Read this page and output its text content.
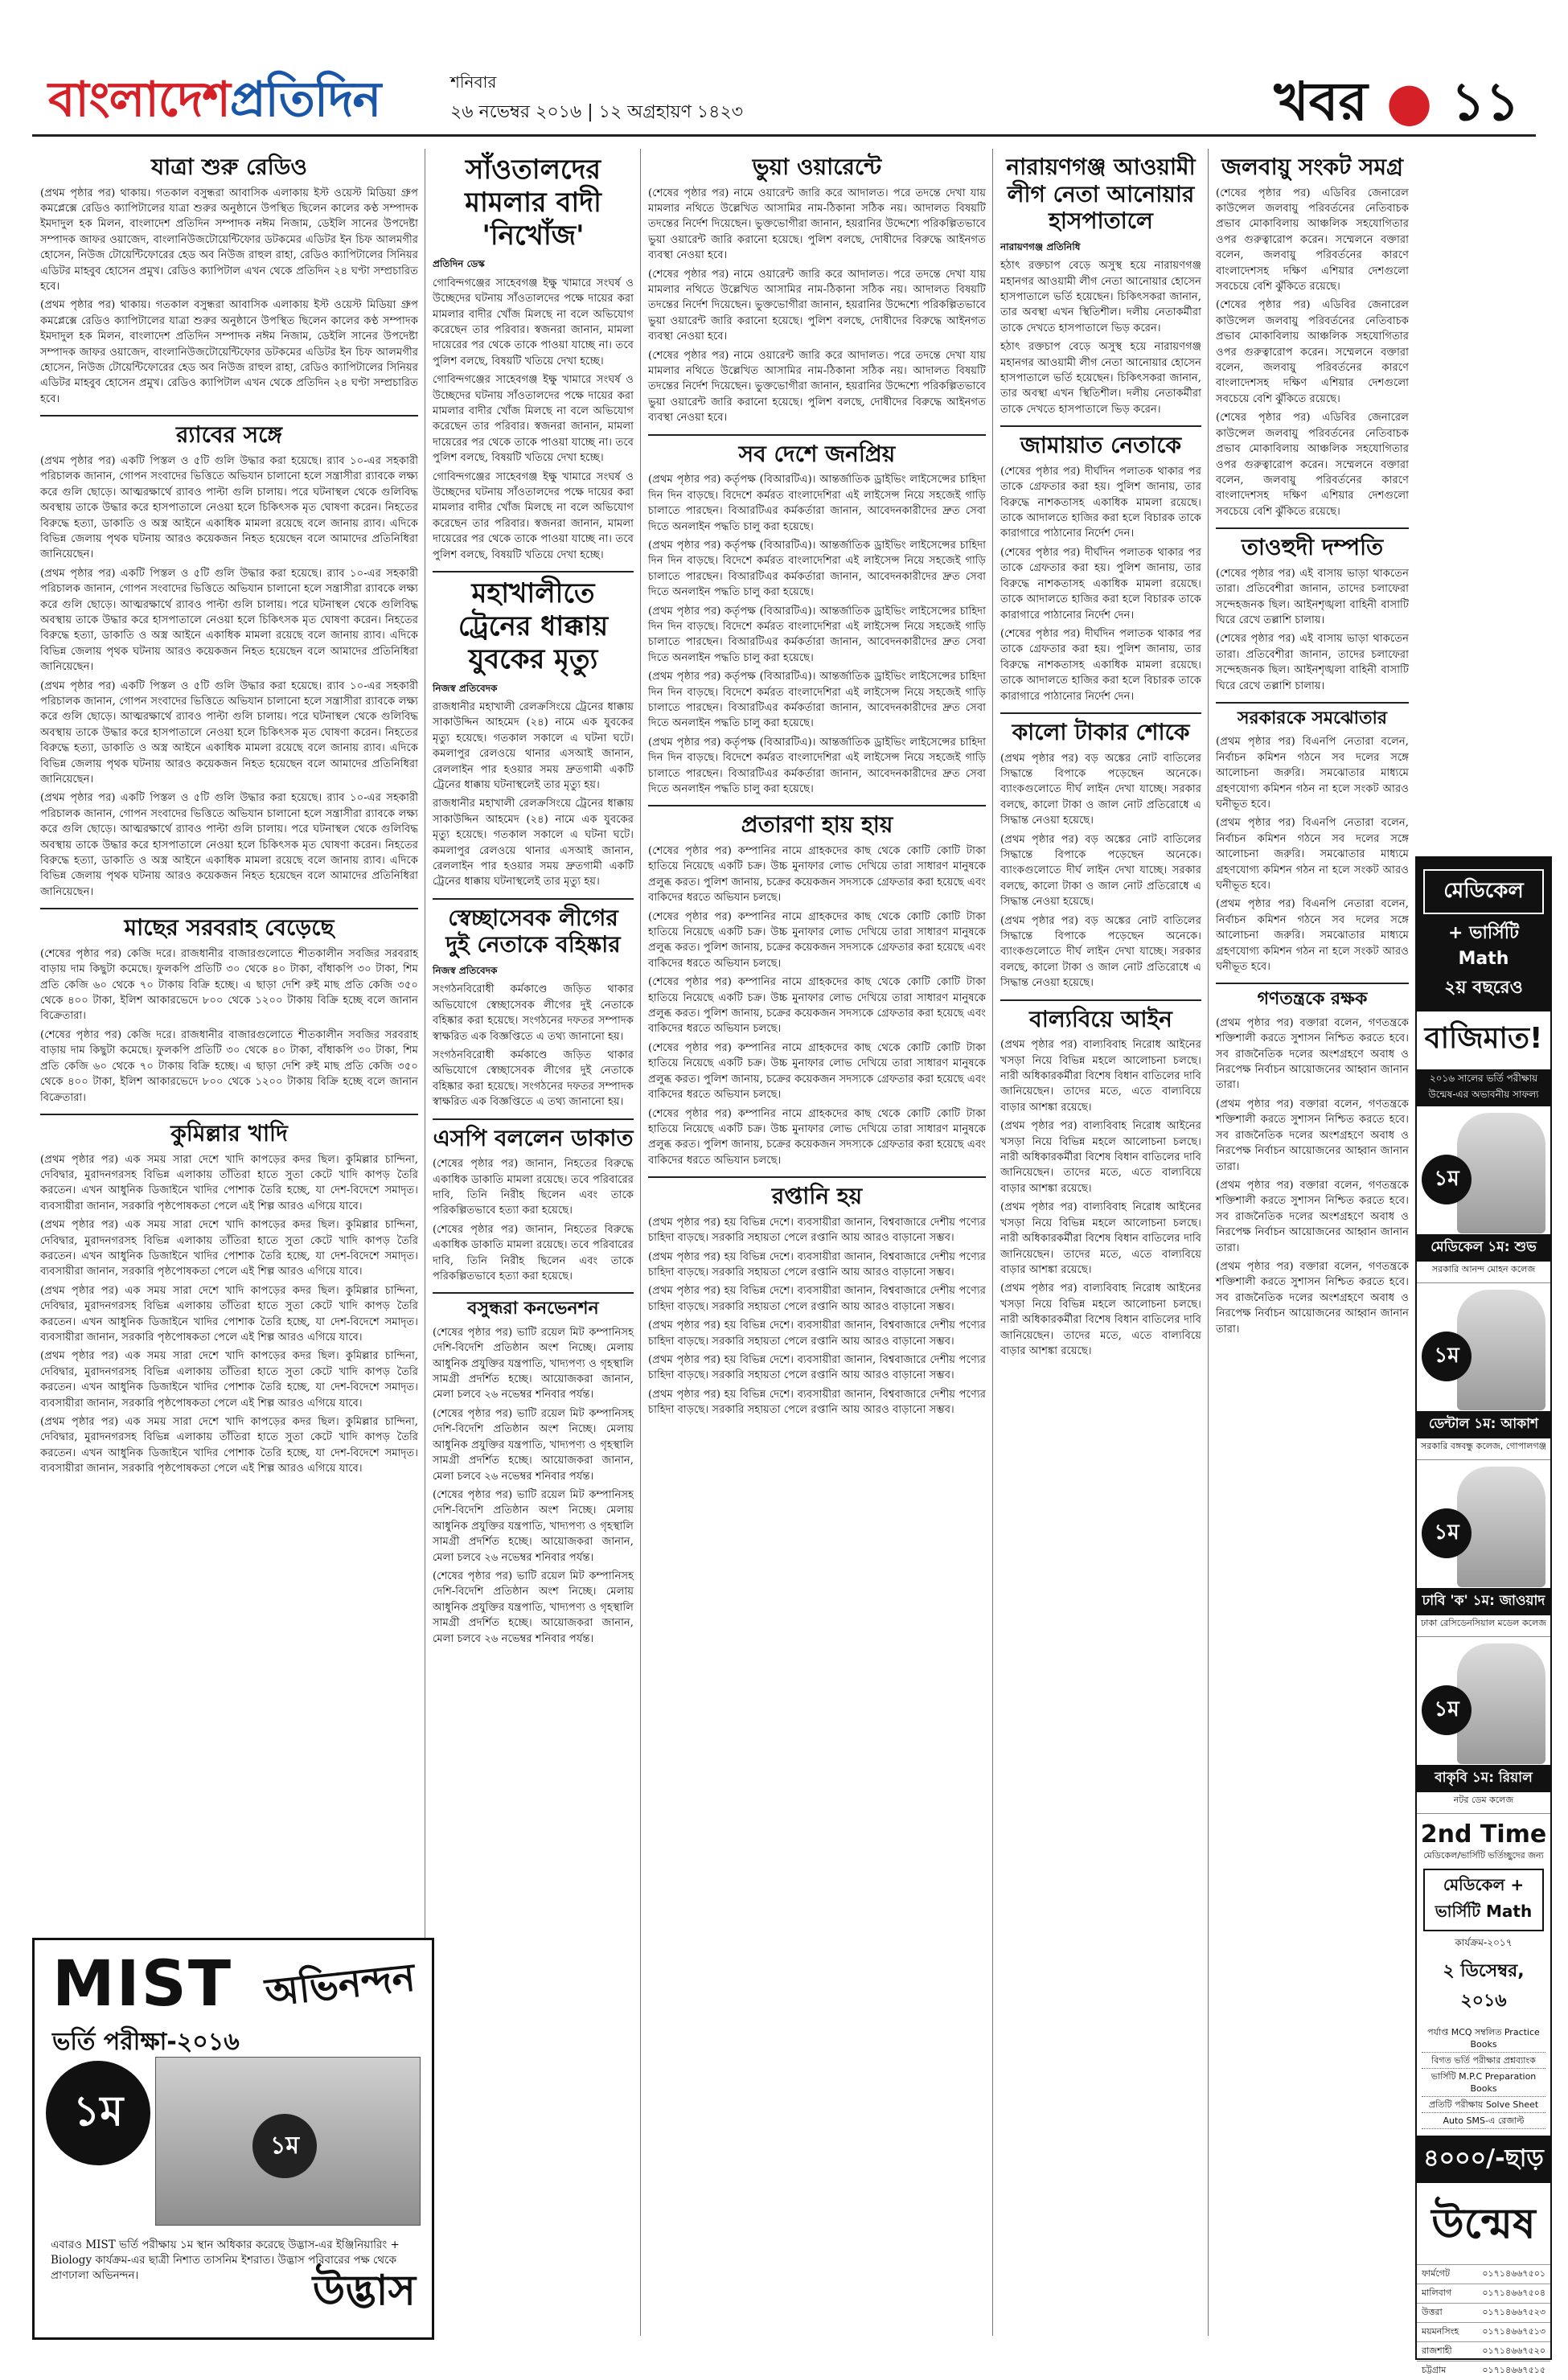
বাংলাদেশপ্রতিদিন	শনিবার
২৬ নভেম্বর ২০১৬ | ১২ অগ্রহায়ণ ১৪২৩	খবর ● ১১
যাত্রা শুরু রেডিও

(প্রথম পৃষ্ঠার পর) থাকায়। গতকাল বসুন্ধরা আবাসিক এলাকায় ইস্ট ওয়েস্ট মিডিয়া গ্রুপ কমপ্লেক্সে রেডিও ক্যাপিটালের যাত্রা শুরুর অনুষ্ঠানে উপস্থিত ছিলেন কালের কণ্ঠ সম্পাদক ইমদাদুল হক মিলন, বাংলাদেশ প্রতিদিন সম্পাদক নঈম নিজাম, ডেইলি সানের উপদেষ্টা সম্পাদক জাফর ওয়াজেদ, বাংলানিউজটোয়েন্টিফোর ডটকমের এডিটর ইন চিফ আলমগীর হোসেন, নিউজ টোয়েন্টিফোরের হেড অব নিউজ রাহুল রাহা, রেডিও ক্যাপিটালের সিনিয়র এডিটর মাহবুব হোসেন প্রমুখ। রেডিও ক্যাপিটাল এখন থেকে প্রতিদিন ২৪ ঘণ্টা সম্প্রচারিত হবে।

(প্রথম পৃষ্ঠার পর) থাকায়। গতকাল বসুন্ধরা আবাসিক এলাকায় ইস্ট ওয়েস্ট মিডিয়া গ্রুপ কমপ্লেক্সে রেডিও ক্যাপিটালের যাত্রা শুরুর অনুষ্ঠানে উপস্থিত ছিলেন কালের কণ্ঠ সম্পাদক ইমদাদুল হক মিলন, বাংলাদেশ প্রতিদিন সম্পাদক নঈম নিজাম, ডেইলি সানের উপদেষ্টা সম্পাদক জাফর ওয়াজেদ, বাংলানিউজটোয়েন্টিফোর ডটকমের এডিটর ইন চিফ আলমগীর হোসেন, নিউজ টোয়েন্টিফোরের হেড অব নিউজ রাহুল রাহা, রেডিও ক্যাপিটালের সিনিয়র এডিটর মাহবুব হোসেন প্রমুখ। রেডিও ক্যাপিটাল এখন থেকে প্রতিদিন ২৪ ঘণ্টা সম্প্রচারিত হবে।

র‌্যাবের সঙ্গে

(প্রথম পৃষ্ঠার পর) একটি পিস্তল ও ৫টি গুলি উদ্ধার করা হয়েছে। র‌্যাব ১০-এর সহকারী পরিচালক জানান, গোপন সংবাদের ভিত্তিতে অভিযান চালানো হলে সন্ত্রাসীরা র‌্যাবকে লক্ষ্য করে গুলি ছোড়ে। আত্মরক্ষার্থে র‌্যাবও পাল্টা গুলি চালায়। পরে ঘটনাস্থল থেকে গুলিবিদ্ধ অবস্থায় তাকে উদ্ধার করে হাসপাতালে নেওয়া হলে চিকিৎসক মৃত ঘোষণা করেন। নিহতের বিরুদ্ধে হত্যা, ডাকাতি ও অস্ত্র আইনে একাধিক মামলা রয়েছে বলে জানায় র‌্যাব। এদিকে বিভিন্ন জেলায় পৃথক ঘটনায় আরও কয়েকজন নিহত হয়েছেন বলে আমাদের প্রতিনিধিরা জানিয়েছেন।

(প্রথম পৃষ্ঠার পর) একটি পিস্তল ও ৫টি গুলি উদ্ধার করা হয়েছে। র‌্যাব ১০-এর সহকারী পরিচালক জানান, গোপন সংবাদের ভিত্তিতে অভিযান চালানো হলে সন্ত্রাসীরা র‌্যাবকে লক্ষ্য করে গুলি ছোড়ে। আত্মরক্ষার্থে র‌্যাবও পাল্টা গুলি চালায়। পরে ঘটনাস্থল থেকে গুলিবিদ্ধ অবস্থায় তাকে উদ্ধার করে হাসপাতালে নেওয়া হলে চিকিৎসক মৃত ঘোষণা করেন। নিহতের বিরুদ্ধে হত্যা, ডাকাতি ও অস্ত্র আইনে একাধিক মামলা রয়েছে বলে জানায় র‌্যাব। এদিকে বিভিন্ন জেলায় পৃথক ঘটনায় আরও কয়েকজন নিহত হয়েছেন বলে আমাদের প্রতিনিধিরা জানিয়েছেন।

(প্রথম পৃষ্ঠার পর) একটি পিস্তল ও ৫টি গুলি উদ্ধার করা হয়েছে। র‌্যাব ১০-এর সহকারী পরিচালক জানান, গোপন সংবাদের ভিত্তিতে অভিযান চালানো হলে সন্ত্রাসীরা র‌্যাবকে লক্ষ্য করে গুলি ছোড়ে। আত্মরক্ষার্থে র‌্যাবও পাল্টা গুলি চালায়। পরে ঘটনাস্থল থেকে গুলিবিদ্ধ অবস্থায় তাকে উদ্ধার করে হাসপাতালে নেওয়া হলে চিকিৎসক মৃত ঘোষণা করেন। নিহতের বিরুদ্ধে হত্যা, ডাকাতি ও অস্ত্র আইনে একাধিক মামলা রয়েছে বলে জানায় র‌্যাব। এদিকে বিভিন্ন জেলায় পৃথক ঘটনায় আরও কয়েকজন নিহত হয়েছেন বলে আমাদের প্রতিনিধিরা জানিয়েছেন।

(প্রথম পৃষ্ঠার পর) একটি পিস্তল ও ৫টি গুলি উদ্ধার করা হয়েছে। র‌্যাব ১০-এর সহকারী পরিচালক জানান, গোপন সংবাদের ভিত্তিতে অভিযান চালানো হলে সন্ত্রাসীরা র‌্যাবকে লক্ষ্য করে গুলি ছোড়ে। আত্মরক্ষার্থে র‌্যাবও পাল্টা গুলি চালায়। পরে ঘটনাস্থল থেকে গুলিবিদ্ধ অবস্থায় তাকে উদ্ধার করে হাসপাতালে নেওয়া হলে চিকিৎসক মৃত ঘোষণা করেন। নিহতের বিরুদ্ধে হত্যা, ডাকাতি ও অস্ত্র আইনে একাধিক মামলা রয়েছে বলে জানায় র‌্যাব। এদিকে বিভিন্ন জেলায় পৃথক ঘটনায় আরও কয়েকজন নিহত হয়েছেন বলে আমাদের প্রতিনিধিরা জানিয়েছেন।

মাছের সরবরাহ বেড়েছে

(শেষের পৃষ্ঠার পর) কেজি দরে। রাজধানীর বাজারগুলোতে শীতকালীন সবজির সরবরাহ বাড়ায় দাম কিছুটা কমেছে। ফুলকপি প্রতিটি ৩০ থেকে ৪০ টাকা, বাঁধাকপি ৩০ টাকা, শিম প্রতি কেজি ৬০ থেকে ৭০ টাকায় বিক্রি হচ্ছে। এ ছাড়া দেশি রুই মাছ প্রতি কেজি ৩৫০ থেকে ৪০০ টাকা, ইলিশ আকারভেদে ৮০০ থেকে ১২০০ টাকায় বিক্রি হচ্ছে বলে জানান বিক্রেতারা।

(শেষের পৃষ্ঠার পর) কেজি দরে। রাজধানীর বাজারগুলোতে শীতকালীন সবজির সরবরাহ বাড়ায় দাম কিছুটা কমেছে। ফুলকপি প্রতিটি ৩০ থেকে ৪০ টাকা, বাঁধাকপি ৩০ টাকা, শিম প্রতি কেজি ৬০ থেকে ৭০ টাকায় বিক্রি হচ্ছে। এ ছাড়া দেশি রুই মাছ প্রতি কেজি ৩৫০ থেকে ৪০০ টাকা, ইলিশ আকারভেদে ৮০০ থেকে ১২০০ টাকায় বিক্রি হচ্ছে বলে জানান বিক্রেতারা।

কুমিল্লার খাদি

(প্রথম পৃষ্ঠার পর) এক সময় সারা দেশে খাদি কাপড়ের কদর ছিল। কুমিল্লার চান্দিনা, দেবিদ্বার, মুরাদনগরসহ বিভিন্ন এলাকায় তাঁতিরা হাতে সুতা কেটে খাদি কাপড় তৈরি করতেন। এখন আধুনিক ডিজাইনে খাদির পোশাক তৈরি হচ্ছে, যা দেশ-বিদেশে সমাদৃত। ব্যবসায়ীরা জানান, সরকারি পৃষ্ঠপোষকতা পেলে এই শিল্প আরও এগিয়ে যাবে।

(প্রথম পৃষ্ঠার পর) এক সময় সারা দেশে খাদি কাপড়ের কদর ছিল। কুমিল্লার চান্দিনা, দেবিদ্বার, মুরাদনগরসহ বিভিন্ন এলাকায় তাঁতিরা হাতে সুতা কেটে খাদি কাপড় তৈরি করতেন। এখন আধুনিক ডিজাইনে খাদির পোশাক তৈরি হচ্ছে, যা দেশ-বিদেশে সমাদৃত। ব্যবসায়ীরা জানান, সরকারি পৃষ্ঠপোষকতা পেলে এই শিল্প আরও এগিয়ে যাবে।

(প্রথম পৃষ্ঠার পর) এক সময় সারা দেশে খাদি কাপড়ের কদর ছিল। কুমিল্লার চান্দিনা, দেবিদ্বার, মুরাদনগরসহ বিভিন্ন এলাকায় তাঁতিরা হাতে সুতা কেটে খাদি কাপড় তৈরি করতেন। এখন আধুনিক ডিজাইনে খাদির পোশাক তৈরি হচ্ছে, যা দেশ-বিদেশে সমাদৃত। ব্যবসায়ীরা জানান, সরকারি পৃষ্ঠপোষকতা পেলে এই শিল্প আরও এগিয়ে যাবে।

(প্রথম পৃষ্ঠার পর) এক সময় সারা দেশে খাদি কাপড়ের কদর ছিল। কুমিল্লার চান্দিনা, দেবিদ্বার, মুরাদনগরসহ বিভিন্ন এলাকায় তাঁতিরা হাতে সুতা কেটে খাদি কাপড় তৈরি করতেন। এখন আধুনিক ডিজাইনে খাদির পোশাক তৈরি হচ্ছে, যা দেশ-বিদেশে সমাদৃত। ব্যবসায়ীরা জানান, সরকারি পৃষ্ঠপোষকতা পেলে এই শিল্প আরও এগিয়ে যাবে।

(প্রথম পৃষ্ঠার পর) এক সময় সারা দেশে খাদি কাপড়ের কদর ছিল। কুমিল্লার চান্দিনা, দেবিদ্বার, মুরাদনগরসহ বিভিন্ন এলাকায় তাঁতিরা হাতে সুতা কেটে খাদি কাপড় তৈরি করতেন। এখন আধুনিক ডিজাইনে খাদির পোশাক তৈরি হচ্ছে, যা দেশ-বিদেশে সমাদৃত। ব্যবসায়ীরা জানান, সরকারি পৃষ্ঠপোষকতা পেলে এই শিল্প আরও এগিয়ে যাবে।

সাঁওতালদের মামলার বাদী 'নিখোঁজ'
প্রতিদিন ডেস্ক

গোবিন্দগঞ্জের সাহেবগঞ্জ ইক্ষু খামারে সংঘর্ষ ও উচ্ছেদের ঘটনায় সাঁওতালদের পক্ষে দায়ের করা মামলার বাদীর খোঁজ মিলছে না বলে অভিযোগ করেছেন তার পরিবার। স্বজনরা জানান, মামলা দায়েরের পর থেকে তাকে পাওয়া যাচ্ছে না। তবে পুলিশ বলছে, বিষয়টি খতিয়ে দেখা হচ্ছে।

গোবিন্দগঞ্জের সাহেবগঞ্জ ইক্ষু খামারে সংঘর্ষ ও উচ্ছেদের ঘটনায় সাঁওতালদের পক্ষে দায়ের করা মামলার বাদীর খোঁজ মিলছে না বলে অভিযোগ করেছেন তার পরিবার। স্বজনরা জানান, মামলা দায়েরের পর থেকে তাকে পাওয়া যাচ্ছে না। তবে পুলিশ বলছে, বিষয়টি খতিয়ে দেখা হচ্ছে।

গোবিন্দগঞ্জের সাহেবগঞ্জ ইক্ষু খামারে সংঘর্ষ ও উচ্ছেদের ঘটনায় সাঁওতালদের পক্ষে দায়ের করা মামলার বাদীর খোঁজ মিলছে না বলে অভিযোগ করেছেন তার পরিবার। স্বজনরা জানান, মামলা দায়েরের পর থেকে তাকে পাওয়া যাচ্ছে না। তবে পুলিশ বলছে, বিষয়টি খতিয়ে দেখা হচ্ছে।

মহাখালীতে ট্রেনের ধাক্কায় যুবকের মৃত্যু
নিজস্ব প্রতিবেদক

রাজধানীর মহাখালী রেলক্রসিংয়ে ট্রেনের ধাক্কায় সাকাউদ্দিন আহমেদ (২৪) নামে এক যুবকের মৃত্যু হয়েছে। গতকাল সকালে এ ঘটনা ঘটে। কমলাপুর রেলওয়ে থানার এসআই জানান, রেললাইন পার হওয়ার সময় দ্রুতগামী একটি ট্রেনের ধাক্কায় ঘটনাস্থলেই তার মৃত্যু হয়।

রাজধানীর মহাখালী রেলক্রসিংয়ে ট্রেনের ধাক্কায় সাকাউদ্দিন আহমেদ (২৪) নামে এক যুবকের মৃত্যু হয়েছে। গতকাল সকালে এ ঘটনা ঘটে। কমলাপুর রেলওয়ে থানার এসআই জানান, রেললাইন পার হওয়ার সময় দ্রুতগামী একটি ট্রেনের ধাক্কায় ঘটনাস্থলেই তার মৃত্যু হয়।

স্বেচ্ছাসেবক লীগের দুই নেতাকে বহিষ্কার
নিজস্ব প্রতিবেদক

সংগঠনবিরোধী কর্মকাণ্ডে জড়িত থাকার অভিযোগে স্বেচ্ছাসেবক লীগের দুই নেতাকে বহিষ্কার করা হয়েছে। সংগঠনের দফতর সম্পাদক স্বাক্ষরিত এক বিজ্ঞপ্তিতে এ তথ্য জানানো হয়।

সংগঠনবিরোধী কর্মকাণ্ডে জড়িত থাকার অভিযোগে স্বেচ্ছাসেবক লীগের দুই নেতাকে বহিষ্কার করা হয়েছে। সংগঠনের দফতর সম্পাদক স্বাক্ষরিত এক বিজ্ঞপ্তিতে এ তথ্য জানানো হয়।

এসপি বললেন ডাকাত

(শেষের পৃষ্ঠার পর) জানান, নিহতের বিরুদ্ধে একাধিক ডাকাতি মামলা রয়েছে। তবে পরিবারের দাবি, তিনি নিরীহ ছিলেন এবং তাকে পরিকল্পিতভাবে হত্যা করা হয়েছে।

(শেষের পৃষ্ঠার পর) জানান, নিহতের বিরুদ্ধে একাধিক ডাকাতি মামলা রয়েছে। তবে পরিবারের দাবি, তিনি নিরীহ ছিলেন এবং তাকে পরিকল্পিতভাবে হত্যা করা হয়েছে।

বসুন্ধরা কনভেনশন

(শেষের পৃষ্ঠার পর) ভাটি রয়েল মিট কম্পানিসহ দেশি-বিদেশি প্রতিষ্ঠান অংশ নিচ্ছে। মেলায় আধুনিক প্রযুক্তির যন্ত্রপাতি, খাদ্যপণ্য ও গৃহস্থালি সামগ্রী প্রদর্শিত হচ্ছে। আয়োজকরা জানান, মেলা চলবে ২৬ নভেম্বর শনিবার পর্যন্ত।

(শেষের পৃষ্ঠার পর) ভাটি রয়েল মিট কম্পানিসহ দেশি-বিদেশি প্রতিষ্ঠান অংশ নিচ্ছে। মেলায় আধুনিক প্রযুক্তির যন্ত্রপাতি, খাদ্যপণ্য ও গৃহস্থালি সামগ্রী প্রদর্শিত হচ্ছে। আয়োজকরা জানান, মেলা চলবে ২৬ নভেম্বর শনিবার পর্যন্ত।

(শেষের পৃষ্ঠার পর) ভাটি রয়েল মিট কম্পানিসহ দেশি-বিদেশি প্রতিষ্ঠান অংশ নিচ্ছে। মেলায় আধুনিক প্রযুক্তির যন্ত্রপাতি, খাদ্যপণ্য ও গৃহস্থালি সামগ্রী প্রদর্শিত হচ্ছে। আয়োজকরা জানান, মেলা চলবে ২৬ নভেম্বর শনিবার পর্যন্ত।

(শেষের পৃষ্ঠার পর) ভাটি রয়েল মিট কম্পানিসহ দেশি-বিদেশি প্রতিষ্ঠান অংশ নিচ্ছে। মেলায় আধুনিক প্রযুক্তির যন্ত্রপাতি, খাদ্যপণ্য ও গৃহস্থালি সামগ্রী প্রদর্শিত হচ্ছে। আয়োজকরা জানান, মেলা চলবে ২৬ নভেম্বর শনিবার পর্যন্ত।

ভুয়া ওয়ারেন্টে

(শেষের পৃষ্ঠার পর) নামে ওয়ারেন্ট জারি করে আদালত। পরে তদন্তে দেখা যায় মামলার নথিতে উল্লেখিত আসামির নাম-ঠিকানা সঠিক নয়। আদালত বিষয়টি তদন্তের নির্দেশ দিয়েছেন। ভুক্তভোগীরা জানান, হয়রানির উদ্দেশ্যে পরিকল্পিতভাবে ভুয়া ওয়ারেন্ট জারি করানো হয়েছে। পুলিশ বলছে, দোষীদের বিরুদ্ধে আইনগত ব্যবস্থা নেওয়া হবে।

(শেষের পৃষ্ঠার পর) নামে ওয়ারেন্ট জারি করে আদালত। পরে তদন্তে দেখা যায় মামলার নথিতে উল্লেখিত আসামির নাম-ঠিকানা সঠিক নয়। আদালত বিষয়টি তদন্তের নির্দেশ দিয়েছেন। ভুক্তভোগীরা জানান, হয়রানির উদ্দেশ্যে পরিকল্পিতভাবে ভুয়া ওয়ারেন্ট জারি করানো হয়েছে। পুলিশ বলছে, দোষীদের বিরুদ্ধে আইনগত ব্যবস্থা নেওয়া হবে।

(শেষের পৃষ্ঠার পর) নামে ওয়ারেন্ট জারি করে আদালত। পরে তদন্তে দেখা যায় মামলার নথিতে উল্লেখিত আসামির নাম-ঠিকানা সঠিক নয়। আদালত বিষয়টি তদন্তের নির্দেশ দিয়েছেন। ভুক্তভোগীরা জানান, হয়রানির উদ্দেশ্যে পরিকল্পিতভাবে ভুয়া ওয়ারেন্ট জারি করানো হয়েছে। পুলিশ বলছে, দোষীদের বিরুদ্ধে আইনগত ব্যবস্থা নেওয়া হবে।

সব দেশে জনপ্রিয়

(প্রথম পৃষ্ঠার পর) কর্তৃপক্ষ (বিআরটিএ)। আন্তর্জাতিক ড্রাইভিং লাইসেন্সের চাহিদা দিন দিন বাড়ছে। বিদেশে কর্মরত বাংলাদেশিরা এই লাইসেন্স নিয়ে সহজেই গাড়ি চালাতে পারছেন। বিআরটিএর কর্মকর্তারা জানান, আবেদনকারীদের দ্রুত সেবা দিতে অনলাইন পদ্ধতি চালু করা হয়েছে।

(প্রথম পৃষ্ঠার পর) কর্তৃপক্ষ (বিআরটিএ)। আন্তর্জাতিক ড্রাইভিং লাইসেন্সের চাহিদা দিন দিন বাড়ছে। বিদেশে কর্মরত বাংলাদেশিরা এই লাইসেন্স নিয়ে সহজেই গাড়ি চালাতে পারছেন। বিআরটিএর কর্মকর্তারা জানান, আবেদনকারীদের দ্রুত সেবা দিতে অনলাইন পদ্ধতি চালু করা হয়েছে।

(প্রথম পৃষ্ঠার পর) কর্তৃপক্ষ (বিআরটিএ)। আন্তর্জাতিক ড্রাইভিং লাইসেন্সের চাহিদা দিন দিন বাড়ছে। বিদেশে কর্মরত বাংলাদেশিরা এই লাইসেন্স নিয়ে সহজেই গাড়ি চালাতে পারছেন। বিআরটিএর কর্মকর্তারা জানান, আবেদনকারীদের দ্রুত সেবা দিতে অনলাইন পদ্ধতি চালু করা হয়েছে।

(প্রথম পৃষ্ঠার পর) কর্তৃপক্ষ (বিআরটিএ)। আন্তর্জাতিক ড্রাইভিং লাইসেন্সের চাহিদা দিন দিন বাড়ছে। বিদেশে কর্মরত বাংলাদেশিরা এই লাইসেন্স নিয়ে সহজেই গাড়ি চালাতে পারছেন। বিআরটিএর কর্মকর্তারা জানান, আবেদনকারীদের দ্রুত সেবা দিতে অনলাইন পদ্ধতি চালু করা হয়েছে।

(প্রথম পৃষ্ঠার পর) কর্তৃপক্ষ (বিআরটিএ)। আন্তর্জাতিক ড্রাইভিং লাইসেন্সের চাহিদা দিন দিন বাড়ছে। বিদেশে কর্মরত বাংলাদেশিরা এই লাইসেন্স নিয়ে সহজেই গাড়ি চালাতে পারছেন। বিআরটিএর কর্মকর্তারা জানান, আবেদনকারীদের দ্রুত সেবা দিতে অনলাইন পদ্ধতি চালু করা হয়েছে।

প্রতারণা হায় হায়

(শেষের পৃষ্ঠার পর) কম্পানির নামে গ্রাহকদের কাছ থেকে কোটি কোটি টাকা হাতিয়ে নিয়েছে একটি চক্র। উচ্চ মুনাফার লোভ দেখিয়ে তারা সাধারণ মানুষকে প্রলুব্ধ করত। পুলিশ জানায়, চক্রের কয়েকজন সদস্যকে গ্রেফতার করা হয়েছে এবং বাকিদের ধরতে অভিযান চলছে।

(শেষের পৃষ্ঠার পর) কম্পানির নামে গ্রাহকদের কাছ থেকে কোটি কোটি টাকা হাতিয়ে নিয়েছে একটি চক্র। উচ্চ মুনাফার লোভ দেখিয়ে তারা সাধারণ মানুষকে প্রলুব্ধ করত। পুলিশ জানায়, চক্রের কয়েকজন সদস্যকে গ্রেফতার করা হয়েছে এবং বাকিদের ধরতে অভিযান চলছে।

(শেষের পৃষ্ঠার পর) কম্পানির নামে গ্রাহকদের কাছ থেকে কোটি কোটি টাকা হাতিয়ে নিয়েছে একটি চক্র। উচ্চ মুনাফার লোভ দেখিয়ে তারা সাধারণ মানুষকে প্রলুব্ধ করত। পুলিশ জানায়, চক্রের কয়েকজন সদস্যকে গ্রেফতার করা হয়েছে এবং বাকিদের ধরতে অভিযান চলছে।

(শেষের পৃষ্ঠার পর) কম্পানির নামে গ্রাহকদের কাছ থেকে কোটি কোটি টাকা হাতিয়ে নিয়েছে একটি চক্র। উচ্চ মুনাফার লোভ দেখিয়ে তারা সাধারণ মানুষকে প্রলুব্ধ করত। পুলিশ জানায়, চক্রের কয়েকজন সদস্যকে গ্রেফতার করা হয়েছে এবং বাকিদের ধরতে অভিযান চলছে।

(শেষের পৃষ্ঠার পর) কম্পানির নামে গ্রাহকদের কাছ থেকে কোটি কোটি টাকা হাতিয়ে নিয়েছে একটি চক্র। উচ্চ মুনাফার লোভ দেখিয়ে তারা সাধারণ মানুষকে প্রলুব্ধ করত। পুলিশ জানায়, চক্রের কয়েকজন সদস্যকে গ্রেফতার করা হয়েছে এবং বাকিদের ধরতে অভিযান চলছে।

রপ্তানি হয়

(প্রথম পৃষ্ঠার পর) হয় বিভিন্ন দেশে। ব্যবসায়ীরা জানান, বিশ্ববাজারে দেশীয় পণ্যের চাহিদা বাড়ছে। সরকারি সহায়তা পেলে রপ্তানি আয় আরও বাড়ানো সম্ভব।

(প্রথম পৃষ্ঠার পর) হয় বিভিন্ন দেশে। ব্যবসায়ীরা জানান, বিশ্ববাজারে দেশীয় পণ্যের চাহিদা বাড়ছে। সরকারি সহায়তা পেলে রপ্তানি আয় আরও বাড়ানো সম্ভব।

(প্রথম পৃষ্ঠার পর) হয় বিভিন্ন দেশে। ব্যবসায়ীরা জানান, বিশ্ববাজারে দেশীয় পণ্যের চাহিদা বাড়ছে। সরকারি সহায়তা পেলে রপ্তানি আয় আরও বাড়ানো সম্ভব।

(প্রথম পৃষ্ঠার পর) হয় বিভিন্ন দেশে। ব্যবসায়ীরা জানান, বিশ্ববাজারে দেশীয় পণ্যের চাহিদা বাড়ছে। সরকারি সহায়তা পেলে রপ্তানি আয় আরও বাড়ানো সম্ভব।

(প্রথম পৃষ্ঠার পর) হয় বিভিন্ন দেশে। ব্যবসায়ীরা জানান, বিশ্ববাজারে দেশীয় পণ্যের চাহিদা বাড়ছে। সরকারি সহায়তা পেলে রপ্তানি আয় আরও বাড়ানো সম্ভব।

(প্রথম পৃষ্ঠার পর) হয় বিভিন্ন দেশে। ব্যবসায়ীরা জানান, বিশ্ববাজারে দেশীয় পণ্যের চাহিদা বাড়ছে। সরকারি সহায়তা পেলে রপ্তানি আয় আরও বাড়ানো সম্ভব।

নারায়ণগঞ্জ আওয়ামী লীগ নেতা আনোয়ার হাসপাতালে
নারায়ণগঞ্জ প্রতিনিধি

হঠাৎ রক্তচাপ বেড়ে অসুস্থ হয়ে নারায়ণগঞ্জ মহানগর আওয়ামী লীগ নেতা আনোয়ার হোসেন হাসপাতালে ভর্তি হয়েছেন। চিকিৎসকরা জানান, তার অবস্থা এখন স্থিতিশীল। দলীয় নেতাকর্মীরা তাকে দেখতে হাসপাতালে ভিড় করেন।

হঠাৎ রক্তচাপ বেড়ে অসুস্থ হয়ে নারায়ণগঞ্জ মহানগর আওয়ামী লীগ নেতা আনোয়ার হোসেন হাসপাতালে ভর্তি হয়েছেন। চিকিৎসকরা জানান, তার অবস্থা এখন স্থিতিশীল। দলীয় নেতাকর্মীরা তাকে দেখতে হাসপাতালে ভিড় করেন।

জামায়াত নেতাকে

(শেষের পৃষ্ঠার পর) দীর্ঘদিন পলাতক থাকার পর তাকে গ্রেফতার করা হয়। পুলিশ জানায়, তার বিরুদ্ধে নাশকতাসহ একাধিক মামলা রয়েছে। তাকে আদালতে হাজির করা হলে বিচারক তাকে কারাগারে পাঠানোর নির্দেশ দেন।

(শেষের পৃষ্ঠার পর) দীর্ঘদিন পলাতক থাকার পর তাকে গ্রেফতার করা হয়। পুলিশ জানায়, তার বিরুদ্ধে নাশকতাসহ একাধিক মামলা রয়েছে। তাকে আদালতে হাজির করা হলে বিচারক তাকে কারাগারে পাঠানোর নির্দেশ দেন।

(শেষের পৃষ্ঠার পর) দীর্ঘদিন পলাতক থাকার পর তাকে গ্রেফতার করা হয়। পুলিশ জানায়, তার বিরুদ্ধে নাশকতাসহ একাধিক মামলা রয়েছে। তাকে আদালতে হাজির করা হলে বিচারক তাকে কারাগারে পাঠানোর নির্দেশ দেন।

কালো টাকার শোকে

(প্রথম পৃষ্ঠার পর) বড় অঙ্কের নোট বাতিলের সিদ্ধান্তে বিপাকে পড়েছেন অনেকে। ব্যাংকগুলোতে দীর্ঘ লাইন দেখা যাচ্ছে। সরকার বলছে, কালো টাকা ও জাল নোট প্রতিরোধে এ সিদ্ধান্ত নেওয়া হয়েছে।

(প্রথম পৃষ্ঠার পর) বড় অঙ্কের নোট বাতিলের সিদ্ধান্তে বিপাকে পড়েছেন অনেকে। ব্যাংকগুলোতে দীর্ঘ লাইন দেখা যাচ্ছে। সরকার বলছে, কালো টাকা ও জাল নোট প্রতিরোধে এ সিদ্ধান্ত নেওয়া হয়েছে।

(প্রথম পৃষ্ঠার পর) বড় অঙ্কের নোট বাতিলের সিদ্ধান্তে বিপাকে পড়েছেন অনেকে। ব্যাংকগুলোতে দীর্ঘ লাইন দেখা যাচ্ছে। সরকার বলছে, কালো টাকা ও জাল নোট প্রতিরোধে এ সিদ্ধান্ত নেওয়া হয়েছে।

বাল্যবিয়ে আইন

(প্রথম পৃষ্ঠার পর) বাল্যবিবাহ নিরোধ আইনের খসড়া নিয়ে বিভিন্ন মহলে আলোচনা চলছে। নারী অধিকারকর্মীরা বিশেষ বিধান বাতিলের দাবি জানিয়েছেন। তাদের মতে, এতে বাল্যবিয়ে বাড়ার আশঙ্কা রয়েছে।

(প্রথম পৃষ্ঠার পর) বাল্যবিবাহ নিরোধ আইনের খসড়া নিয়ে বিভিন্ন মহলে আলোচনা চলছে। নারী অধিকারকর্মীরা বিশেষ বিধান বাতিলের দাবি জানিয়েছেন। তাদের মতে, এতে বাল্যবিয়ে বাড়ার আশঙ্কা রয়েছে।

(প্রথম পৃষ্ঠার পর) বাল্যবিবাহ নিরোধ আইনের খসড়া নিয়ে বিভিন্ন মহলে আলোচনা চলছে। নারী অধিকারকর্মীরা বিশেষ বিধান বাতিলের দাবি জানিয়েছেন। তাদের মতে, এতে বাল্যবিয়ে বাড়ার আশঙ্কা রয়েছে।

(প্রথম পৃষ্ঠার পর) বাল্যবিবাহ নিরোধ আইনের খসড়া নিয়ে বিভিন্ন মহলে আলোচনা চলছে। নারী অধিকারকর্মীরা বিশেষ বিধান বাতিলের দাবি জানিয়েছেন। তাদের মতে, এতে বাল্যবিয়ে বাড়ার আশঙ্কা রয়েছে।

জলবায়ু সংকট সমগ্র

(শেষের পৃষ্ঠার পর) এডিবির জেনারেল কাউন্সেল জলবায়ু পরিবর্তনের নেতিবাচক প্রভাব মোকাবিলায় আঞ্চলিক সহযোগিতার ওপর গুরুত্বারোপ করেন। সম্মেলনে বক্তারা বলেন, জলবায়ু পরিবর্তনের কারণে বাংলাদেশসহ দক্ষিণ এশিয়ার দেশগুলো সবচেয়ে বেশি ঝুঁকিতে রয়েছে।

(শেষের পৃষ্ঠার পর) এডিবির জেনারেল কাউন্সেল জলবায়ু পরিবর্তনের নেতিবাচক প্রভাব মোকাবিলায় আঞ্চলিক সহযোগিতার ওপর গুরুত্বারোপ করেন। সম্মেলনে বক্তারা বলেন, জলবায়ু পরিবর্তনের কারণে বাংলাদেশসহ দক্ষিণ এশিয়ার দেশগুলো সবচেয়ে বেশি ঝুঁকিতে রয়েছে।

(শেষের পৃষ্ঠার পর) এডিবির জেনারেল কাউন্সেল জলবায়ু পরিবর্তনের নেতিবাচক প্রভাব মোকাবিলায় আঞ্চলিক সহযোগিতার ওপর গুরুত্বারোপ করেন। সম্মেলনে বক্তারা বলেন, জলবায়ু পরিবর্তনের কারণে বাংলাদেশসহ দক্ষিণ এশিয়ার দেশগুলো সবচেয়ে বেশি ঝুঁকিতে রয়েছে।

তাওহুদী দম্পতি

(শেষের পৃষ্ঠার পর) এই বাসায় ভাড়া থাকতেন তারা। প্রতিবেশীরা জানান, তাদের চলাফেরা সন্দেহজনক ছিল। আইনশৃঙ্খলা বাহিনী বাসাটি ঘিরে রেখে তল্লাশি চালায়।

(শেষের পৃষ্ঠার পর) এই বাসায় ভাড়া থাকতেন তারা। প্রতিবেশীরা জানান, তাদের চলাফেরা সন্দেহজনক ছিল। আইনশৃঙ্খলা বাহিনী বাসাটি ঘিরে রেখে তল্লাশি চালায়।

সরকারকে সমঝোতার

(প্রথম পৃষ্ঠার পর) বিএনপি নেতারা বলেন, নির্বাচন কমিশন গঠনে সব দলের সঙ্গে আলোচনা জরুরি। সমঝোতার মাধ্যমে গ্রহণযোগ্য কমিশন গঠন না হলে সংকট আরও ঘনীভূত হবে।

(প্রথম পৃষ্ঠার পর) বিএনপি নেতারা বলেন, নির্বাচন কমিশন গঠনে সব দলের সঙ্গে আলোচনা জরুরি। সমঝোতার মাধ্যমে গ্রহণযোগ্য কমিশন গঠন না হলে সংকট আরও ঘনীভূত হবে।

(প্রথম পৃষ্ঠার পর) বিএনপি নেতারা বলেন, নির্বাচন কমিশন গঠনে সব দলের সঙ্গে আলোচনা জরুরি। সমঝোতার মাধ্যমে গ্রহণযোগ্য কমিশন গঠন না হলে সংকট আরও ঘনীভূত হবে।

গণতন্ত্রকে রক্ষক

(প্রথম পৃষ্ঠার পর) বক্তারা বলেন, গণতন্ত্রকে শক্তিশালী করতে সুশাসন নিশ্চিত করতে হবে। সব রাজনৈতিক দলের অংশগ্রহণে অবাধ ও নিরপেক্ষ নির্বাচন আয়োজনের আহ্বান জানান তারা।

(প্রথম পৃষ্ঠার পর) বক্তারা বলেন, গণতন্ত্রকে শক্তিশালী করতে সুশাসন নিশ্চিত করতে হবে। সব রাজনৈতিক দলের অংশগ্রহণে অবাধ ও নিরপেক্ষ নির্বাচন আয়োজনের আহ্বান জানান তারা।

(প্রথম পৃষ্ঠার পর) বক্তারা বলেন, গণতন্ত্রকে শক্তিশালী করতে সুশাসন নিশ্চিত করতে হবে। সব রাজনৈতিক দলের অংশগ্রহণে অবাধ ও নিরপেক্ষ নির্বাচন আয়োজনের আহ্বান জানান তারা।

(প্রথম পৃষ্ঠার পর) বক্তারা বলেন, গণতন্ত্রকে শক্তিশালী করতে সুশাসন নিশ্চিত করতে হবে। সব রাজনৈতিক দলের অংশগ্রহণে অবাধ ও নিরপেক্ষ নির্বাচন আয়োজনের আহ্বান জানান তারা।

MIST
ভর্তি পরীক্ষা-২০১৬
অভিনন্দন
১ম
১ম
এবারও MIST ভর্তি পরীক্ষায় ১ম স্থান অধিকার করেছে উদ্ভাস-এর ইঞ্জিনিয়ারিং + Biology কার্যক্রম-এর ছাত্রী নিশাত তাসনিম ইশরাত। উদ্ভাস পরিবারের পক্ষ থেকে প্রাণঢালা অভিনন্দন।	উদ্ভাস
মেডিকেল
+ ভার্সিটি Math
২য় বছরেও
বাজিমাত!
২০১৬ সালের ভর্তি পরীক্ষায় উন্মেষ-এর অভাবনীয় সাফল্য
১ম
মেডিকেল ১ম: শুভ
সরকারি আনন্দ মোহন কলেজ
১ম
ডেন্টাল ১ম: আকাশ
সরকারি বঙ্গবন্ধু কলেজ, গোপালগঞ্জ
১ম
ঢাবি 'ক' ১ম: জাওয়াদ
ঢাকা রেসিডেনসিয়াল মডেল কলেজ
১ম
বাকৃবি ১ম: রিয়াল
নটর ডেম কলেজ
2nd Time
মেডিকেল/ভার্সিটি ভর্তিচ্ছুদের জন্য
মেডিকেল + ভার্সিটি Math
কার্যক্রম-২০১৭
২ ডিসেম্বর, ২০১৬
পর্যাপ্ত MCQ সম্বলিত Practice Books
বিগত ভর্তি পরীক্ষার প্রশ্নব্যাংক
ভার্সিটি M.P.C Preparation Books
প্রতিটি পরীক্ষায় Solve Sheet
Auto SMS-এ রেজাল্ট
৪০০০/-ছাড়
উন্মেষ
ফার্মগেট	০১৭১৪৬৬৭৫০১
মালিবাগ	০১৭১৪৬৬৭৫০৪
উত্তরা	০১৭১৪৬৬৭৫২৩
ময়মনসিংহ	০১৭১৪৬৬৭৫১৩
রাজশাহী	০১৭১৪৬৬৭৫২০
চট্টগ্রাম	০১৭১৪৬৬৭৫১৫
